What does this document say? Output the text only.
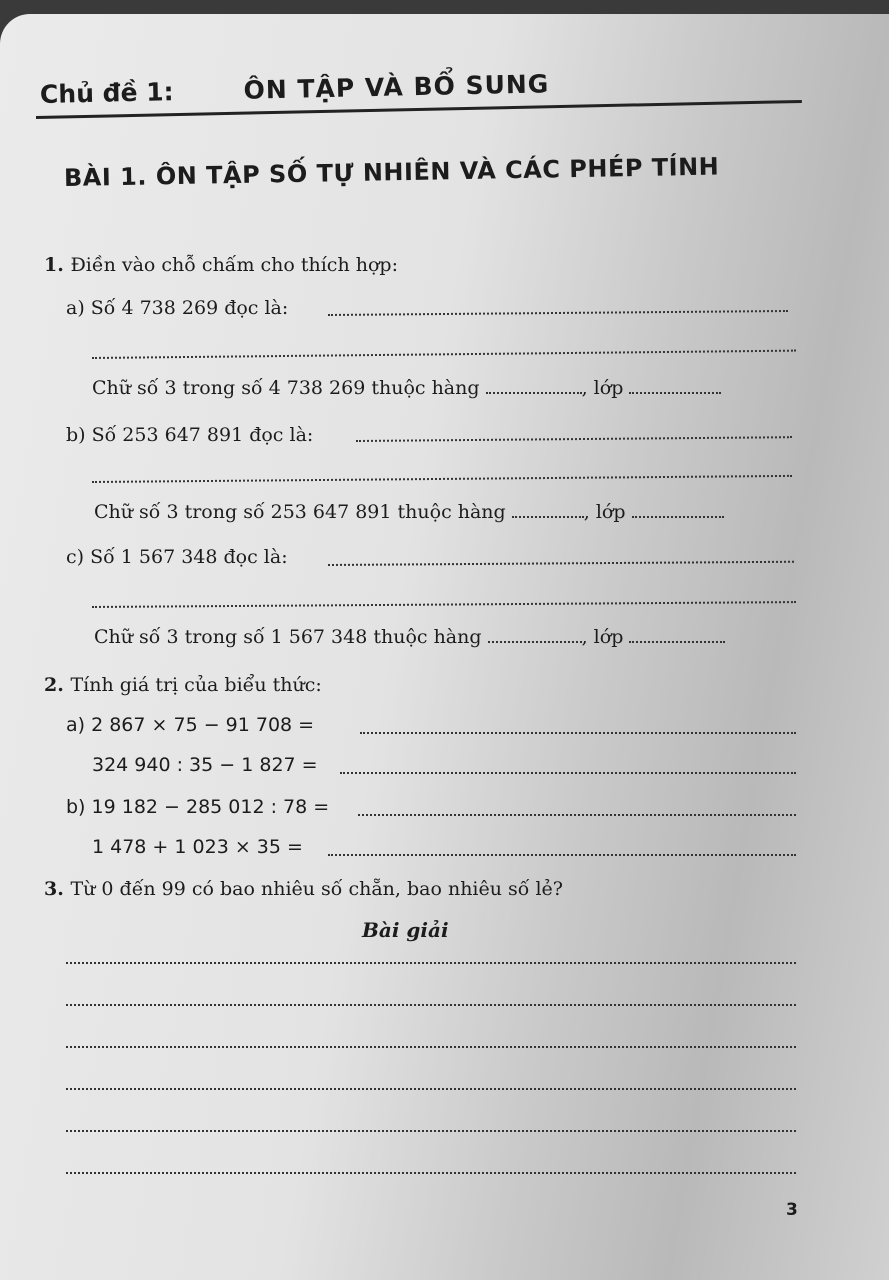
Chủ đề 1:	ÔN TẬP VÀ BỔ SUNG
BÀI 1. ÔN TẬP SỐ TỰ NHIÊN VÀ CÁC PHÉP TÍNH
1. Điền vào chỗ chấm cho thích hợp:
a) Số 4 738 269 đọc là:
Chữ số 3 trong số 4 738 269 thuộc hàng	, lớp
b) Số 253 647 891 đọc là:
Chữ số 3 trong số 253 647 891 thuộc hàng	, lớp
c) Số 1 567 348 đọc là:
Chữ số 3 trong số 1 567 348 thuộc hàng	, lớp
2. Tính giá trị của biểu thức:
a) 2 867 × 75 − 91 708 =
324 940 : 35 − 1 827 =
b) 19 182 − 285 012 : 78 =
1 478 + 1 023 × 35 =
3. Từ 0 đến 99 có bao nhiêu số chẵn, bao nhiêu số lẻ?
Bài giải
3
